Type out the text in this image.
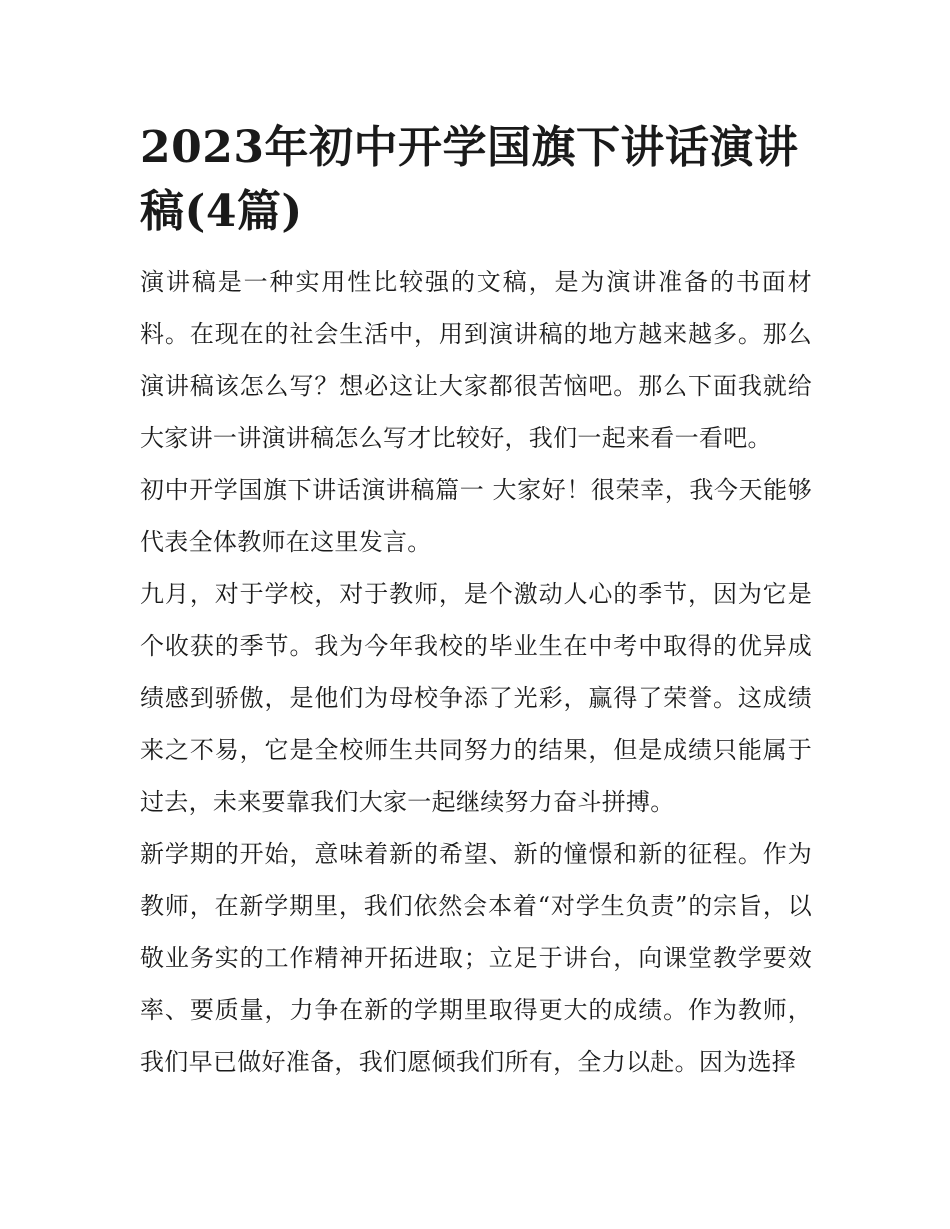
2023年初中开学国旗下讲话演讲稿(4篇)

演讲稿是一种实用性比较强的文稿，是为演讲准备的书面材料。在现在的社会生活中，用到演讲稿的地方越来越多。那么演讲稿该怎么写？想必这让大家都很苦恼吧。那么下面我就给大家讲一讲演讲稿怎么写才比较好，我们一起来看一看吧。

初中开学国旗下讲话演讲稿篇一 大家好！很荣幸，我今天能够代表全体教师在这里发言。

九月，对于学校，对于教师，是个激动人心的季节，因为它是个收获的季节。我为今年我校的毕业生在中考中取得的优异成绩感到骄傲，是他们为母校争添了光彩，赢得了荣誉。这成绩来之不易，它是全校师生共同努力的结果，但是成绩只能属于过去，未来要靠我们大家一起继续努力奋斗拼搏。

新学期的开始，意味着新的希望、新的憧憬和新的征程。作为教师，在新学期里，我们依然会本着“对学生负责”的宗旨，以敬业务实的工作精神开拓进取；立足于讲台，向课堂教学要效率、要质量，力争在新的学期里取得更大的成绩。作为教师，我们早已做好准备，我们愿倾我们所有，全力以赴。因为选择
